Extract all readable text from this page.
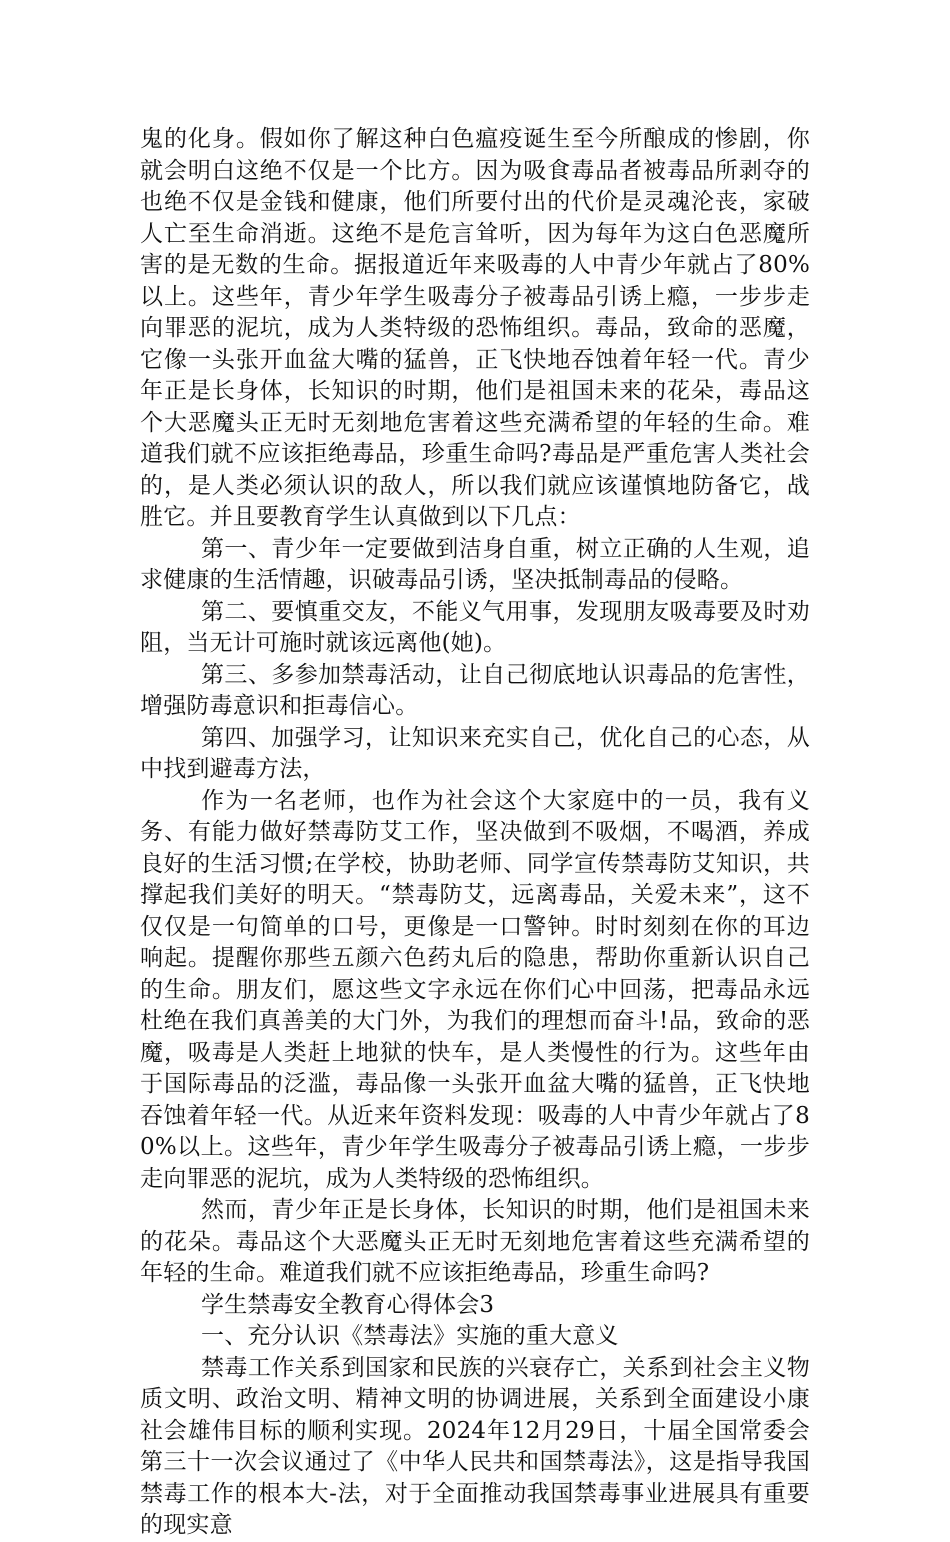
鬼的化身。假如你了解这种白色瘟疫诞生至今所酿成的惨剧，你就会明白这绝不仅是一个比方。因为吸食毒品者被毒品所剥夺的也绝不仅是金钱和健康，他们所要付出的代价是灵魂沦丧，家破人亡至生命消逝。这绝不是危言耸听，因为每年为这白色恶魔所害的是无数的生命。据报道近年来吸毒的人中青少年就占了80%以上。这些年，青少年学生吸毒分子被毒品引诱上瘾，一步步走向罪恶的泥坑，成为人类特级的恐怖组织。毒品，致命的恶魔，它像一头张开血盆大嘴的猛兽，正飞快地吞蚀着年轻一代。青少年正是长身体，长知识的时期，他们是祖国未来的花朵，毒品这个大恶魔头正无时无刻地危害着这些充满希望的年轻的生命。难道我们就不应该拒绝毒品，珍重生命吗?毒品是严重危害人类社会的，是人类必须认识的敌人，所以我们就应该谨慎地防备它，战胜它。并且要教育学生认真做到以下几点：

第一、青少年一定要做到洁身自重，树立正确的人生观，追求健康的生活情趣，识破毒品引诱，坚决抵制毒品的侵略。

第二、要慎重交友，不能义气用事，发现朋友吸毒要及时劝阻，当无计可施时就该远离他(她)。

第三、多参加禁毒活动，让自己彻底地认识毒品的危害性，增强防毒意识和拒毒信心。

第四、加强学习，让知识来充实自己，优化自己的心态，从中找到避毒方法，

作为一名老师，也作为社会这个大家庭中的一员，我有义务、有能力做好禁毒防艾工作，坚决做到不吸烟，不喝酒，养成良好的生活习惯;在学校，协助老师、同学宣传禁毒防艾知识，共撑起我们美好的明天。“禁毒防艾，远离毒品，关爱未来”，这不仅仅是一句简单的口号，更像是一口警钟。时时刻刻在你的耳边响起。提醒你那些五颜六色药丸后的隐患，帮助你重新认识自己的生命。朋友们，愿这些文字永远在你们心中回荡，把毒品永远杜绝在我们真善美的大门外，为我们的理想而奋斗!品，致命的恶魔，吸毒是人类赶上地狱的快车，是人类慢性的行为。这些年由于国际毒品的泛滥，毒品像一头张开血盆大嘴的猛兽，正飞快地吞蚀着年轻一代。从近来年资料发现：吸毒的人中青少年就占了80%以上。这些年，青少年学生吸毒分子被毒品引诱上瘾，一步步走向罪恶的泥坑，成为人类特级的恐怖组织。

然而，青少年正是长身体，长知识的时期，他们是祖国未来的花朵。毒品这个大恶魔头正无时无刻地危害着这些充满希望的年轻的生命。难道我们就不应该拒绝毒品，珍重生命吗?

学生禁毒安全教育心得体会3

一、充分认识《禁毒法》实施的重大意义

禁毒工作关系到国家和民族的兴衰存亡，关系到社会主义物质文明、政治文明、精神文明的协调进展，关系到全面建设小康社会雄伟目标的顺利实现。2024年12月29日，十届全国常委会第三十一次会议通过了《中华人民共和国禁毒法》，这是指导我国禁毒工作的根本大-法，对于全面推动我国禁毒事业进展具有重要的现实意
